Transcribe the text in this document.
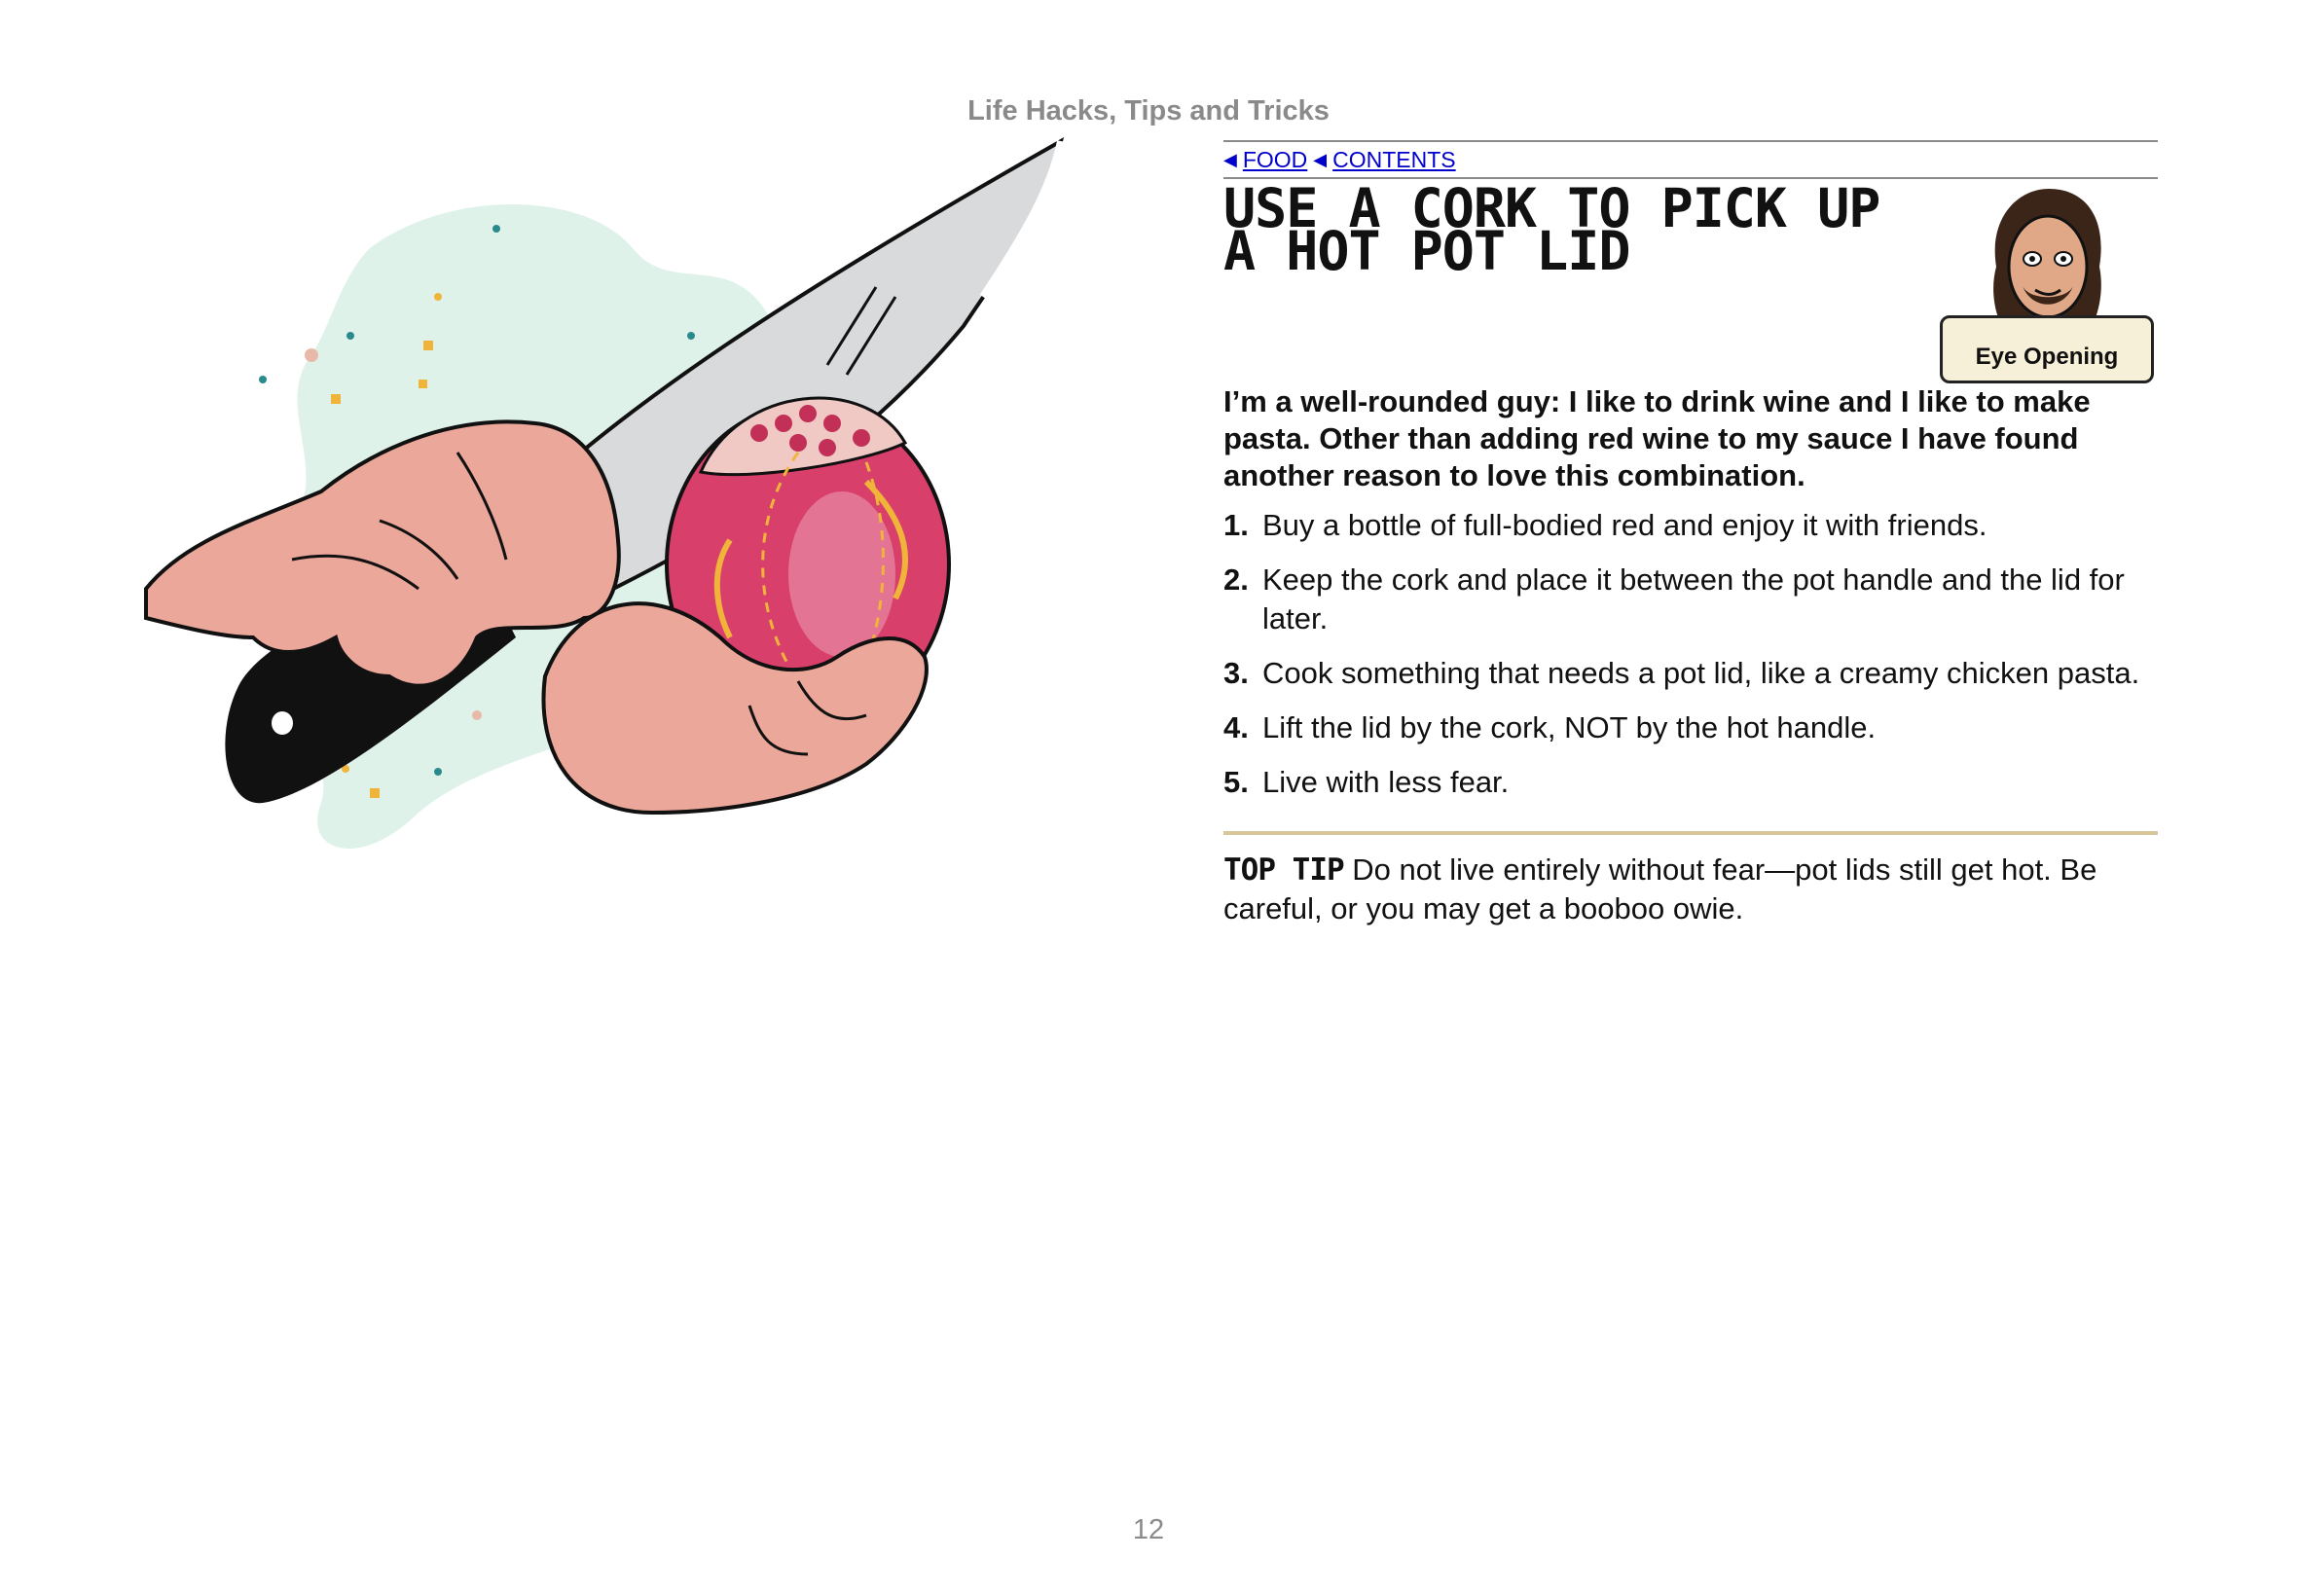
Life Hacks, Tips and Tricks
◀ FOOD ◀ CONTENTS
USE A CORK TO PICK UP A HOT POT LID
Eye Opening
I’m a well-rounded guy: I like to drink wine and I like to make pasta. Other than adding red wine to my sauce I have found another reason to love this combination.
1. Buy a bottle of full-bodied red and enjoy it with friends.
2. Keep the cork and place it between the pot handle and the lid for later.
3. Cook something that needs a pot lid, like a creamy chicken pasta.
4. Lift the lid by the cork, NOT by the hot handle.
5. Live with less fear.
TOP TIP Do not live entirely without fear—pot lids still get hot. Be careful, or you may get a booboo owie.
12
